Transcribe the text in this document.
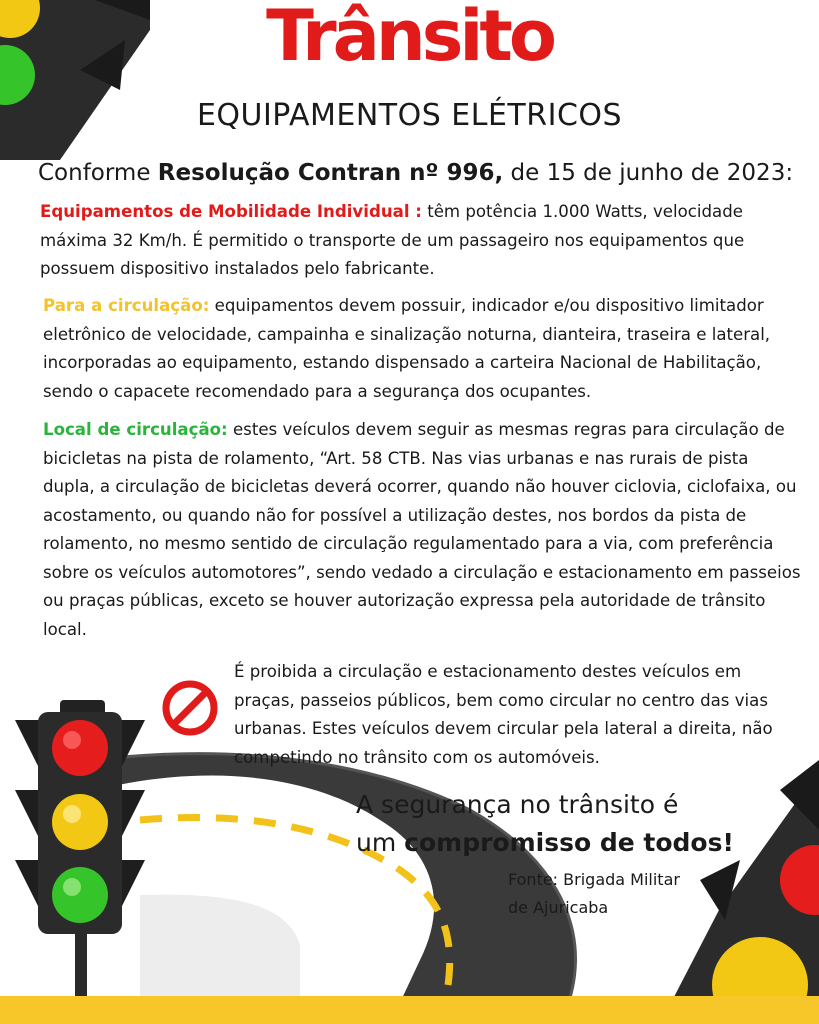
Trânsito
EQUIPAMENTOS ELÉTRICOS
Conforme Resolução Contran nº 996, de 15 de junho de 2023:
Equipamentos de Mobilidade Individual : têm potência 1.000 Watts, velocidade máxima 32 Km/h. É permitido o transporte de um passageiro nos equipamentos que possuem dispositivo instalados pelo fabricante.
Para a circulação: equipamentos devem possuir, indicador e/ou dispositivo limitador eletrônico de velocidade, campainha e sinalização noturna, dianteira, traseira e lateral, incorporadas ao equipamento, estando dispensado a carteira Nacional de Habilitação, sendo o capacete recomendado para a segurança dos ocupantes.
Local de circulação: estes veículos devem seguir as mesmas regras para circulação de bicicletas na pista de rolamento, “Art. 58 CTB. Nas vias urbanas e nas rurais de pista dupla, a circulação de bicicletas deverá ocorrer, quando não houver ciclovia, ciclofaixa, ou acostamento, ou quando não for possível a utilização destes, nos bordos da pista de rolamento, no mesmo sentido de circulação regulamentado para a via, com preferência sobre os veículos automotores”, sendo vedado a circulação e estacionamento em passeios ou praças públicas, exceto se houver autorização expressa pela autoridade de trânsito local.
É proibida a circulação e estacionamento destes veículos em praças, passeios públicos, bem como circular no centro das vias urbanas. Estes veículos devem circular pela lateral a direita, não competindo no trânsito com os automóveis.
A segurança no trânsito é
um compromisso de todos!
Fonte: Brigada Militar
de Ajuricaba
